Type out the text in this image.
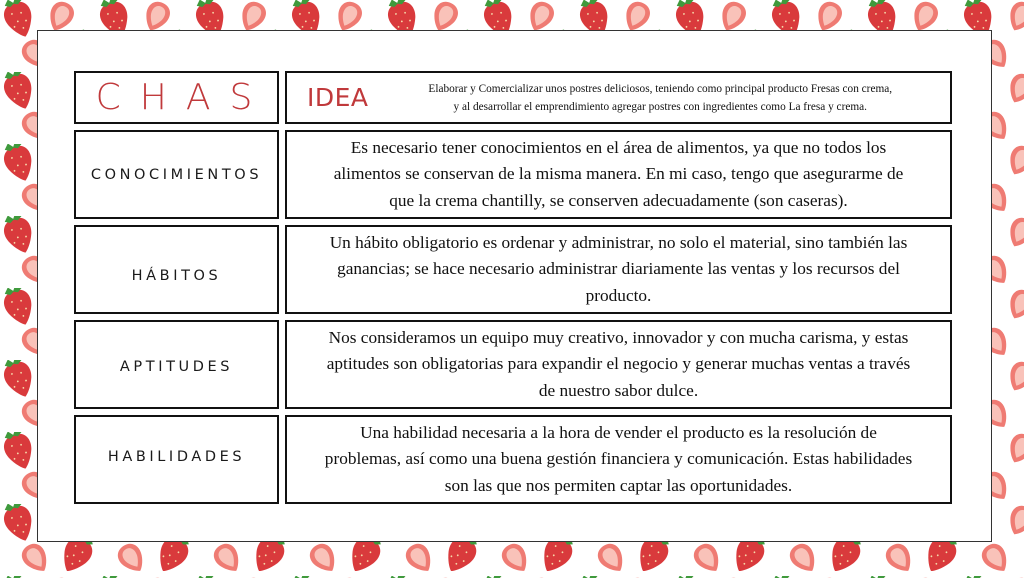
CHAS IDEA	Elaborar y Comercializar unos postres deliciosos, teniendo como principal producto Fresas con crema,
y al desarrollar el emprendimiento agregar postres con ingredientes como La fresa y crema.
CONOCIMIENTOS
Es necesario tener conocimientos en el área de alimentos, ya que no todos los
alimentos se conservan de la misma manera. En mi caso, tengo que asegurarme de
que la crema chantilly, se conserven adecuadamente (son caseras).
HÁBITOS
Un hábito obligatorio es ordenar y administrar, no solo el material, sino también las
ganancias; se hace necesario administrar diariamente las ventas y los recursos del
producto.
APTITUDES
Nos consideramos un equipo muy creativo, innovador y con mucha carisma, y estas
aptitudes son obligatorias para expandir el negocio y generar muchas ventas a través
de nuestro sabor dulce.
HABILIDADES
Una habilidad necesaria a la hora de vender el producto es la resolución de
problemas, así como una buena gestión financiera y comunicación. Estas habilidades
son las que nos permiten captar las oportunidades.
